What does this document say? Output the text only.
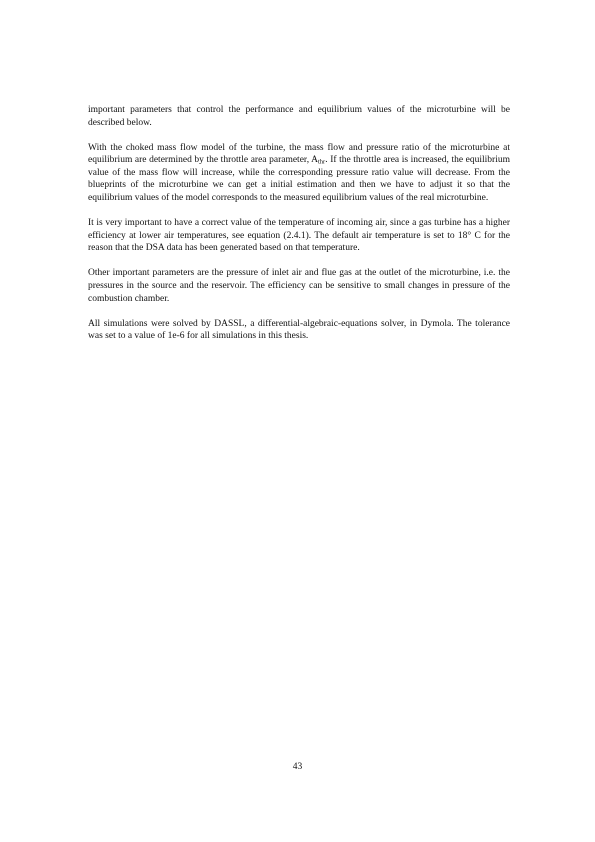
important parameters that control the performance and equilibrium values of the microturbine will be described below.

With the choked mass flow model of the turbine, the mass flow and pressure ratio of the microturbine at equilibrium are determined by the throttle area parameter, $A_{thr}$. If the throttle area is increased, the equilibrium value of the mass flow will increase, while the corresponding pressure ratio value will decrease. From the blueprints of the microturbine we can get a initial estimation and then we have to adjust it so that the equilibrium values of the model corresponds to the measured equilibrium values of the real microturbine.

It is very important to have a correct value of the temperature of incoming air, since a gas turbine has a higher efficiency at lower air temperatures, see equation (2.4.1). The default air temperature is set to 18° C for the reason that the DSA data has been generated based on that temperature.

Other important parameters are the pressure of inlet air and flue gas at the outlet of the microturbine, i.e. the pressures in the source and the reservoir. The efficiency can be sensitive to small changes in pressure of the combustion chamber.

All simulations were solved by DASSL, a differential-algebraic-equations solver, in Dymola. The tolerance was set to a value of 1e-6 for all simulations in this thesis.

43
